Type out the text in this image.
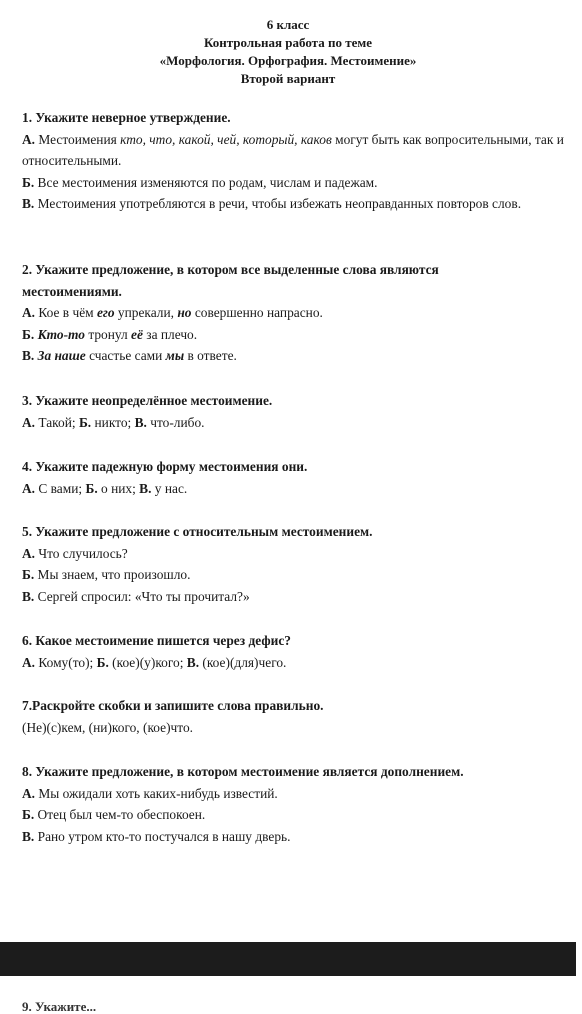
6 класс
Контрольная работа по теме
«Морфология. Орфография. Местоимение»
Второй вариант

1. Укажите неверное утверждение.

А. Местоимения кто, что, какой, чей, который, каков могут быть как вопросительными, так и относительными.

Б. Все местоимения изменяются по родам, числам и падежам.

В. Местоимения употребляются в речи, чтобы избежать неоправданных повторов слов.

2. Укажите предложение, в котором все выделенные слова являются местоимениями.

А. Кое в чём его упрекали, но совершенно напрасно.

Б. Кто-то тронул её за плечо.

В. За наше счастье сами мы в ответе.

3. Укажите неопределённое местоимение.

А. Такой; Б. никто; В. что-либо.

4. Укажите падежную форму местоимения они.

А. С вами; Б. о них; В. у нас.

5. Укажите предложение с относительным местоимением.

А. Что случилось?

Б. Мы знаем, что произошло.

В. Сергей спросил: «Что ты прочитал?»

6. Какое местоимение пишется через дефис?

А. Кому(то); Б. (кое)(у)кого; В. (кое)(для)чего.

7.Раскройте скобки и запишите слова правильно.

(Не)(с)кем, (ни)кого, (кое)что.

8. Укажите предложение, в котором местоимение является дополнением.

А. Мы ожидали хоть каких-нибудь известий.

Б. Отец был чем-то обеспокоен.

В. Рано утром кто-то постучался в нашу дверь.

9. Укажите...
